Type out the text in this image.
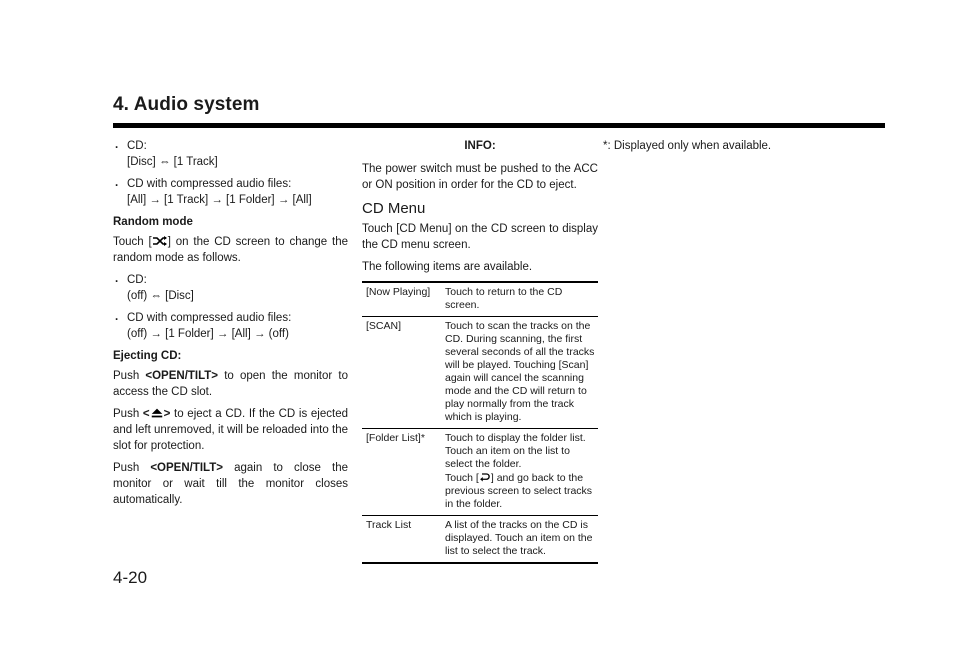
4. Audio system

. CD:

[Disc] ⇔ [1 Track]

. CD with compressed audio files:

[All] → [1 Track] → [1 Folder] → [All]

Random mode

Touch [ ] on the CD screen to change the random mode as follows.

. CD:

(off) ⇔ [Disc]

. CD with compressed audio files:

(off) → [1 Folder] → [All] → (off)

Ejecting CD:

Push <OPEN/TILT> to open the monitor to access the CD slot.

Push < > to eject a CD. If the CD is ejected and left unremoved, it will be reloaded into the slot for protection.

Push <OPEN/TILT> again to close the monitor or wait till the monitor closes automatically.

INFO:

The power switch must be pushed to the ACC or ON position in order for the CD to eject.

CD Menu

Touch [CD Menu] on the CD screen to display the CD menu screen.

The following items are available.

[Now Playing]	Touch to return to the CD screen.
[SCAN]	Touch to scan the tracks on the CD. During scanning, the first several seconds of all the tracks will be played. Touching [Scan] again will cancel the scanning mode and the CD will return to play normally from the track which is playing.
[Folder List]*	Touch to display the folder list. Touch an item on the list to select the folder.
Touch [ ] and go back to the previous screen to select tracks in the folder.

Track List	A list of the tracks on the CD is displayed. Touch an item on the list to select the track.

*: Displayed only when available.

4-20
